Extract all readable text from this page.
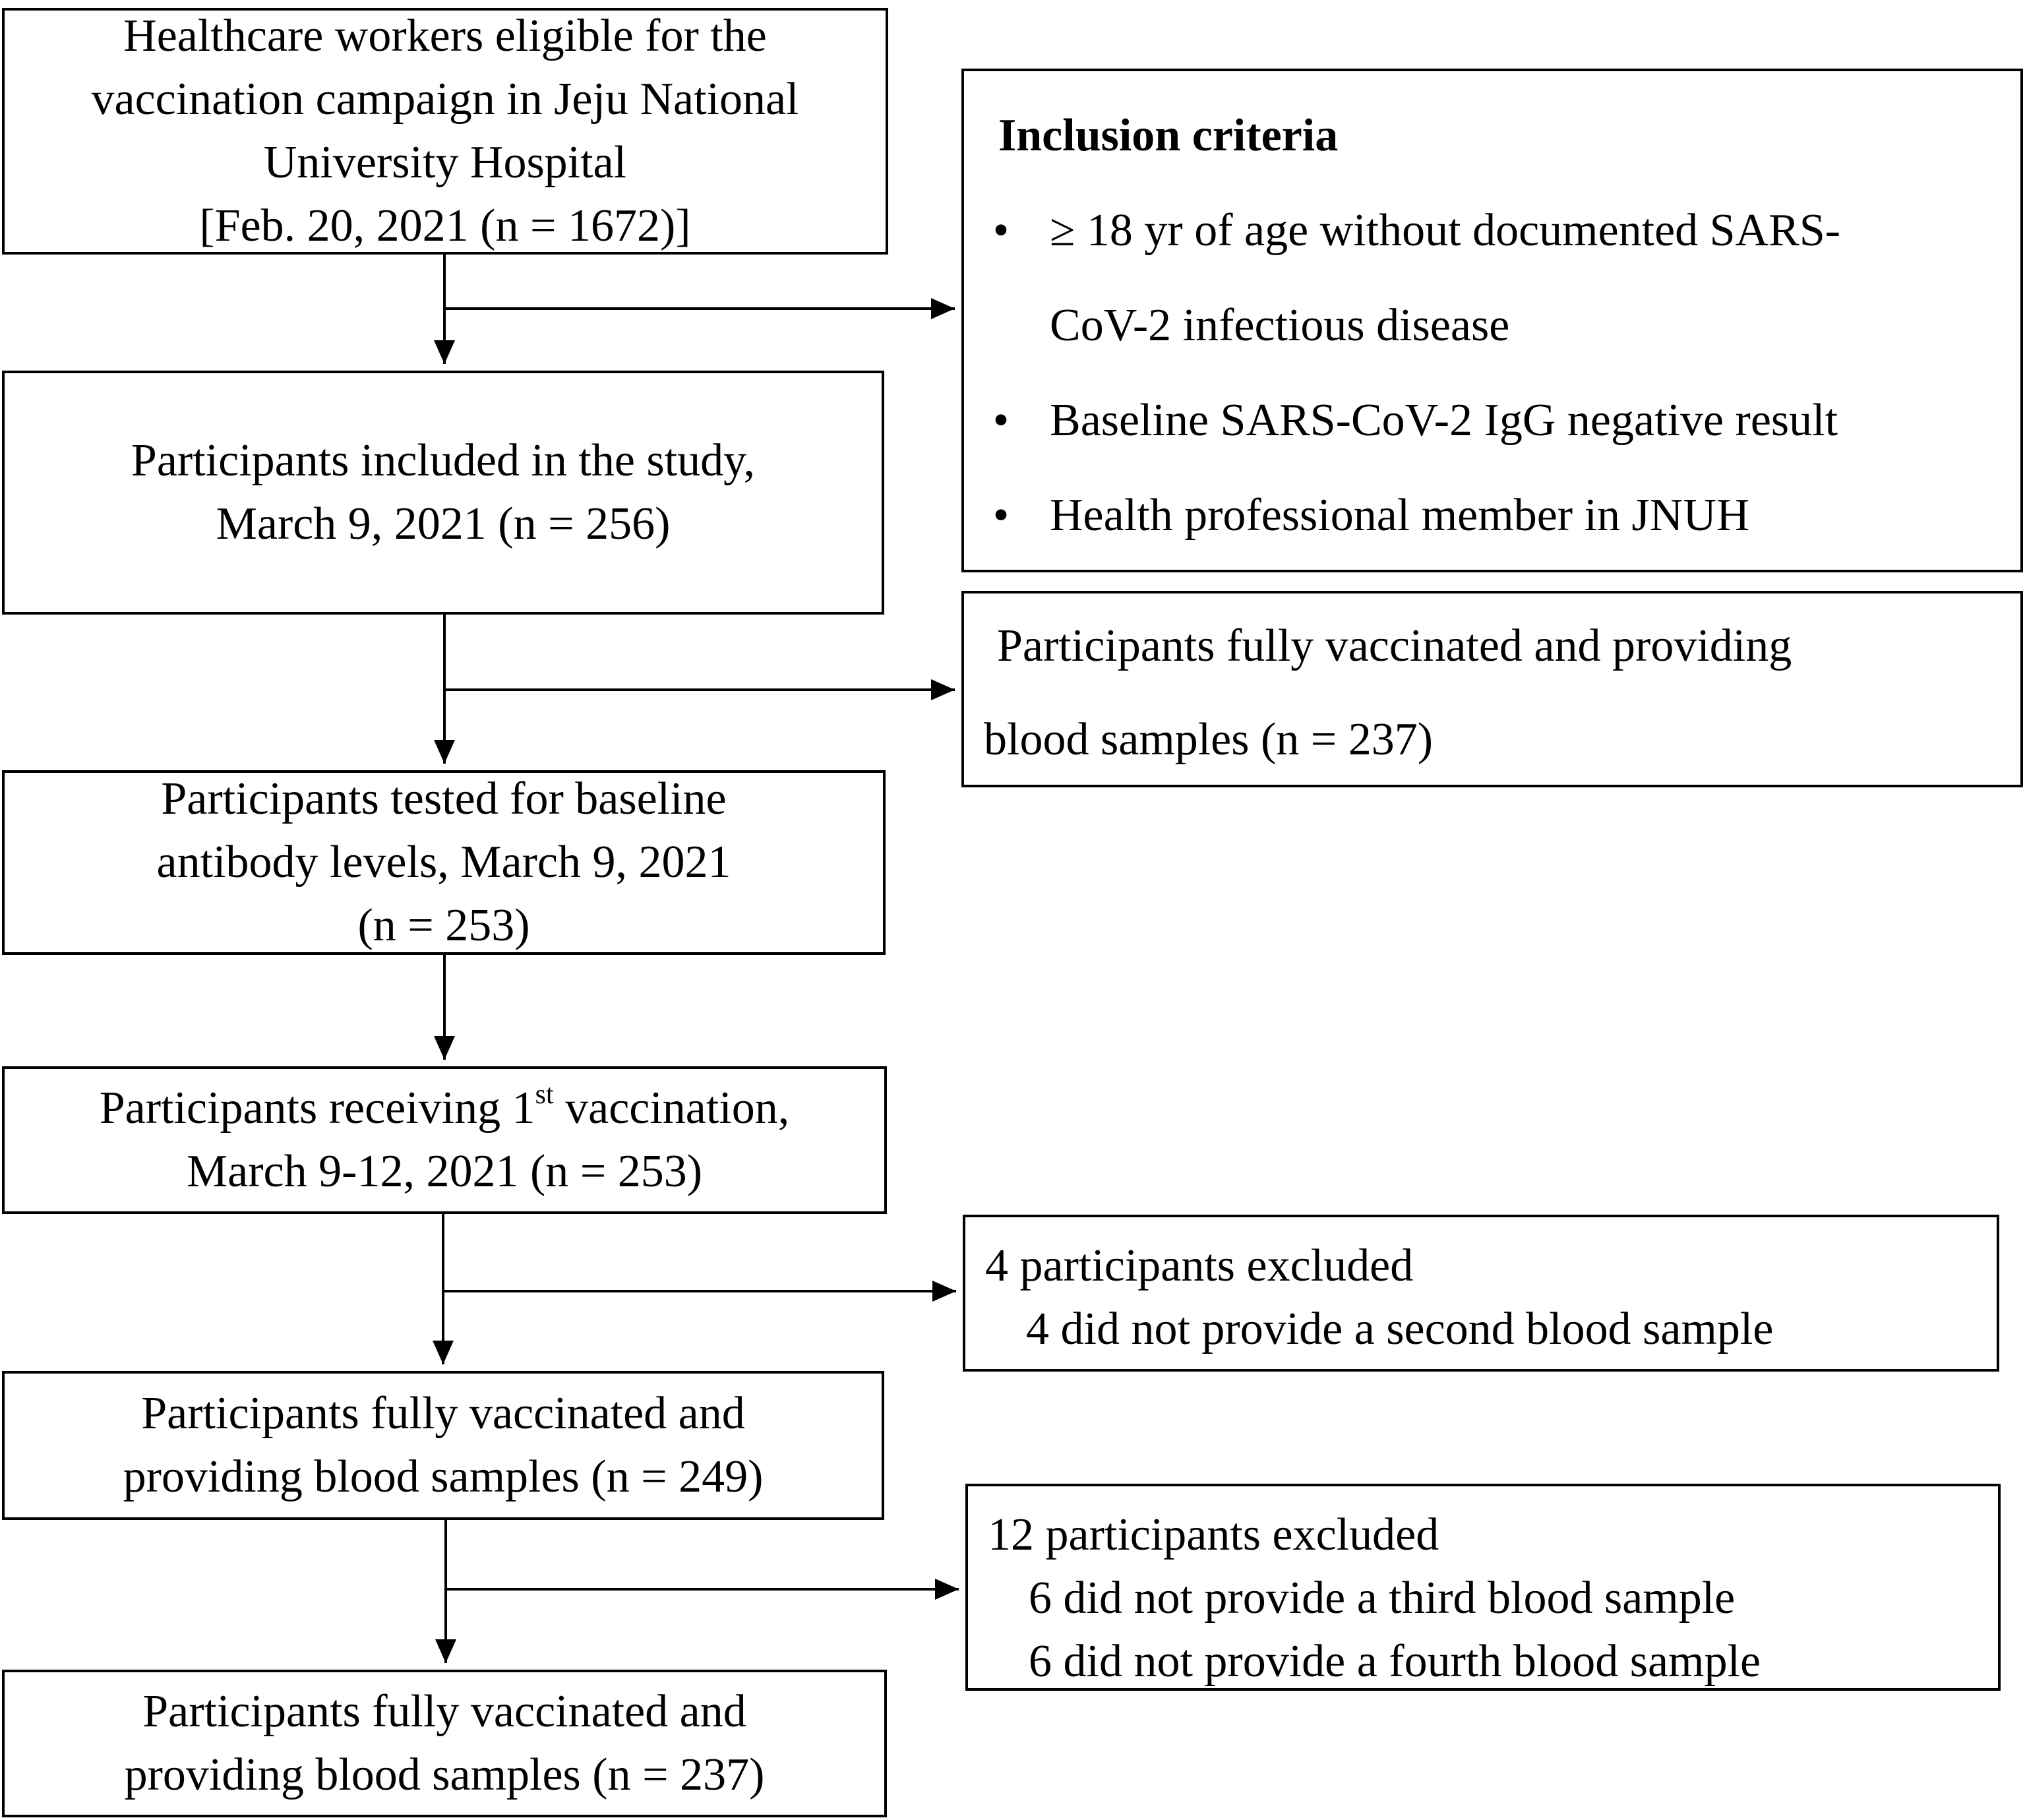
Healthcare workers eligible for the
vaccination campaign in Jeju National
University Hospital
[Feb. 20, 2021 (n = 1672)]
Participants included in the study,
March 9, 2021 (n = 256)
Participants tested for baseline
antibody levels, March 9, 2021
(n = 253)
Participants receiving 1st vaccination,
March 9-12, 2021 (n = 253)
Participants fully vaccinated and
providing blood samples (n = 249)
Participants fully vaccinated and
providing blood samples (n = 237)
Inclusion criteria
• ≥ 18 yr of age without documented SARS-
CoV-2 infectious disease
• Baseline SARS-CoV-2 IgG negative result
• Health professional member in JNUH
Participants fully vaccinated and providing
blood samples (n = 237)
4 participants excluded
4 did not provide a second blood sample
12 participants excluded
6 did not provide a third blood sample
6 did not provide a fourth blood sample
